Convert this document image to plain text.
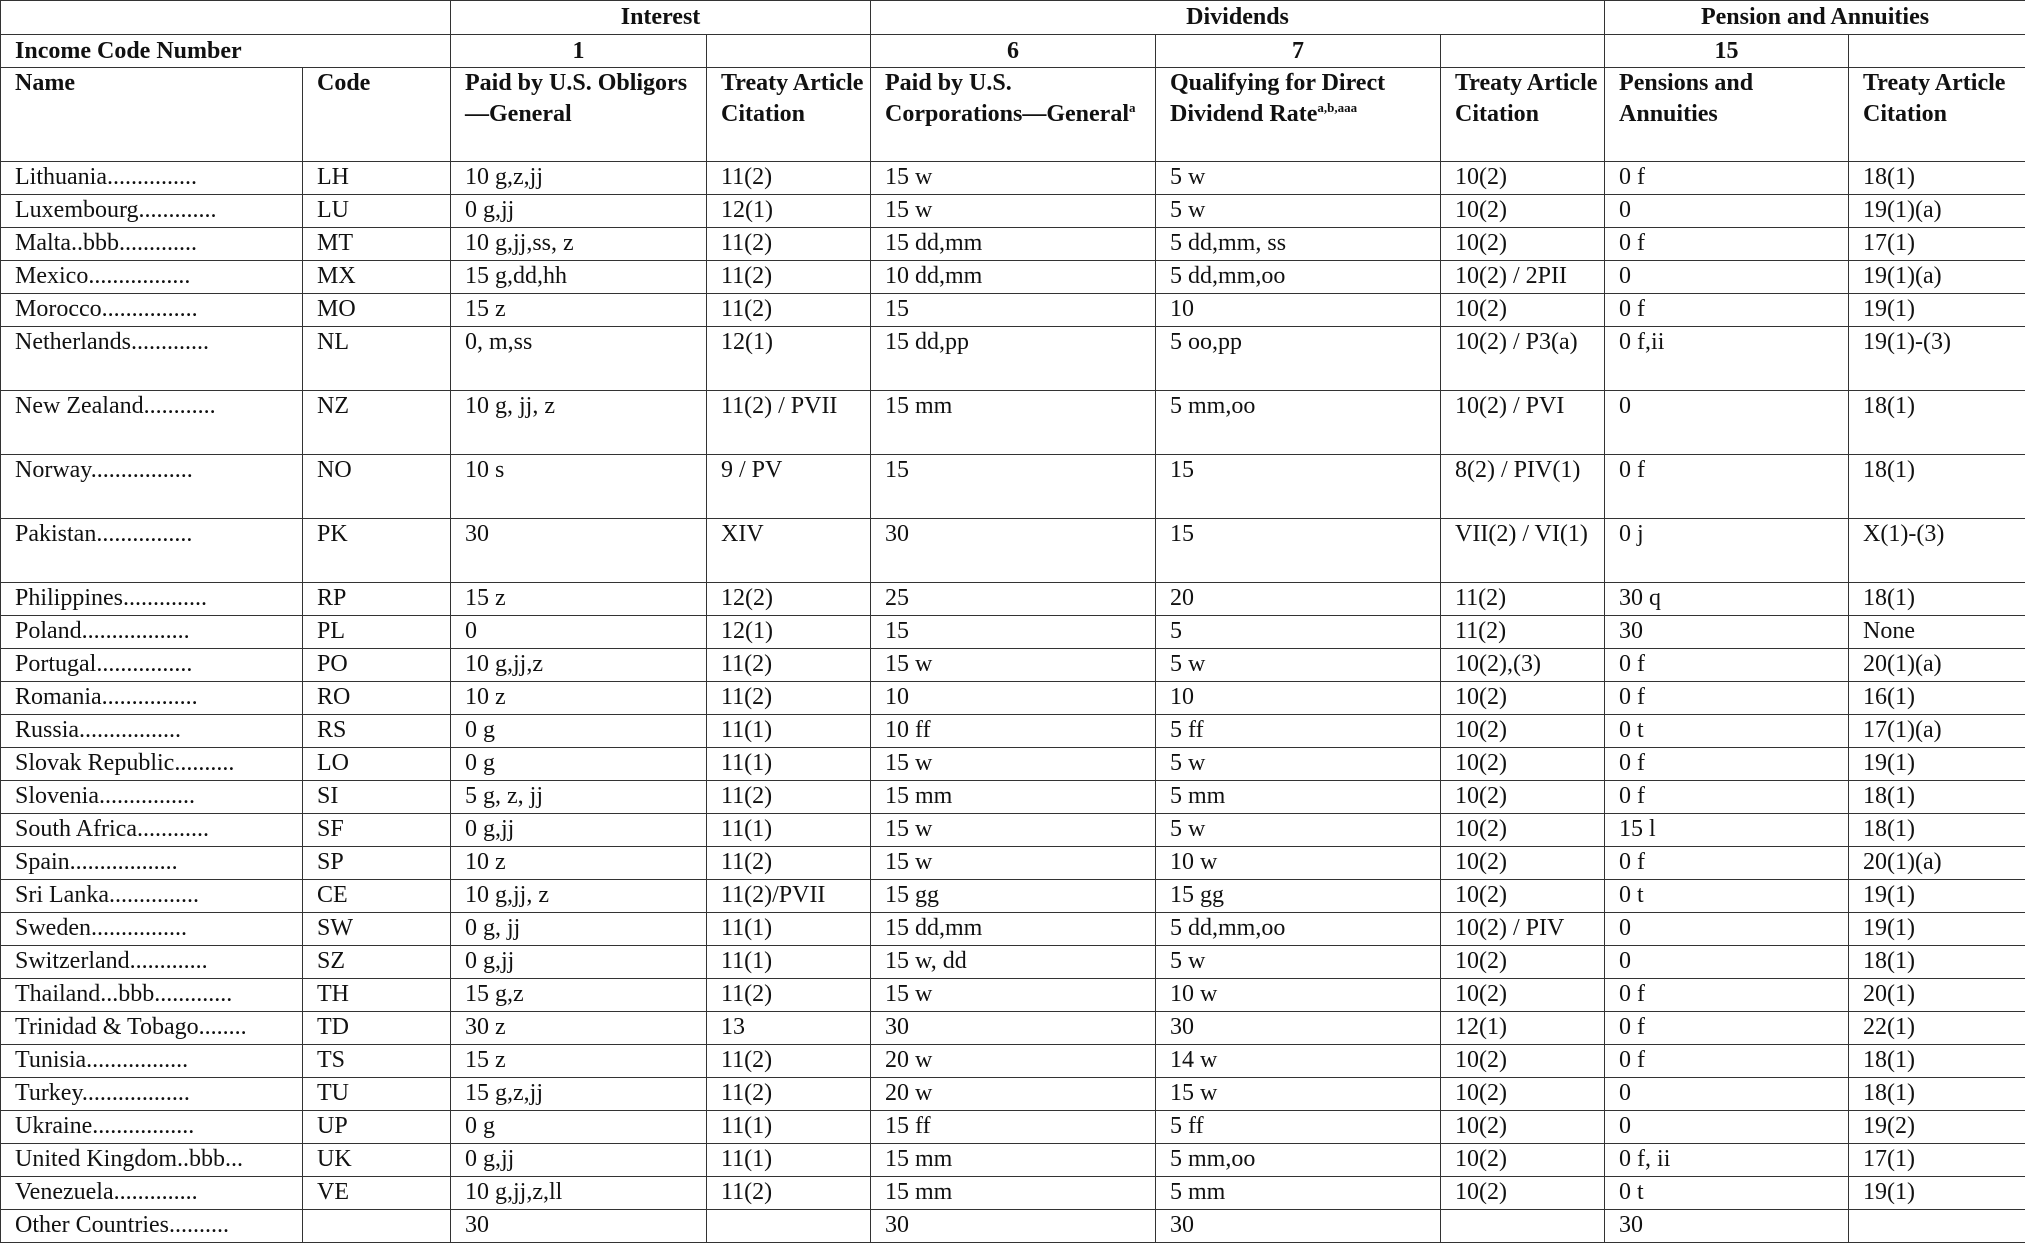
		Interest		Dividends			Pension and Annuities	
Income Code Number		1		6	7		15	
Name	Code	Paid by U.S. Obligors—General	Treaty Article Citation	Paid by U.S. Corporations—General$^a$	Qualifying for Direct Dividend Rate$^{a,b,aaa}$	Treaty Article Citation	Pensions and Annuities	Treaty Article Citation
Lithuania...............	LH	10 g,z,jj	11(2)	15 w	5 w	10(2)	0 f	18(1)
Luxembourg.............	LU	0 g,jj	12(1)	15 w	5 w	10(2)	0	19(1)(a)
Malta..bbb.............	MT	10 g,jj,ss, z	11(2)	15 dd,mm	5 dd,mm, ss	10(2)	0 f	17(1)
Mexico.................	MX	15 g,dd,hh	11(2)	10 dd,mm	5 dd,mm,oo	10(2) / 2PII	0	19(1)(a)
Morocco................	MO	15 z	11(2)	15	10	10(2)	0 f	19(1)
Netherlands.............	NL	0, m,ss	12(1)	15 dd,pp	5 oo,pp	10(2) / P3(a)	0 f,ii	19(1)-(3)
New Zealand............	NZ	10 g, jj, z	11(2) / PVII	15 mm	5 mm,oo	10(2) / PVI	0	18(1)
Norway.................	NO	10 s	9 / PV	15	15	8(2) / PIV(1)	0 f	18(1)
Pakistan................	PK	30	XIV	30	15	VII(2) / VI(1)	0 j	X(1)-(3)
Philippines..............	RP	15 z	12(2)	25	20	11(2)	30 q	18(1)
Poland..................	PL	0	12(1)	15	5	11(2)	30	None
Portugal................	PO	10 g,jj,z	11(2)	15 w	5 w	10(2),(3)	0 f	20(1)(a)
Romania................	RO	10 z	11(2)	10	10	10(2)	0 f	16(1)
Russia.................	RS	0 g	11(1)	10 ff	5 ff	10(2)	0 t	17(1)(a)
Slovak Republic..........	LO	0 g	11(1)	15 w	5 w	10(2)	0 f	19(1)
Slovenia................	SI	5 g, z, jj	11(2)	15 mm	5 mm	10(2)	0 f	18(1)
South Africa............	SF	0 g,jj	11(1)	15 w	5 w	10(2)	15 l	18(1)
Spain..................	SP	10 z	11(2)	15 w	10 w	10(2)	0 f	20(1)(a)
Sri Lanka...............	CE	10 g,jj, z	11(2)/PVII	15 gg	15 gg	10(2)	0 t	19(1)
Sweden................	SW	0 g, jj	11(1)	15 dd,mm	5 dd,mm,oo	10(2) / PIV	0	19(1)
Switzerland.............	SZ	0 g,jj	11(1)	15 w, dd	5 w	10(2)	0	18(1)
Thailand...bbb.............	TH	15 g,z	11(2)	15 w	10 w	10(2)	0 f	20(1)
Trinidad & Tobago........	TD	30 z	13	30	30	12(1)	0 f	22(1)
Tunisia.................	TS	15 z	11(2)	20 w	14 w	10(2)	0 f	18(1)
Turkey..................	TU	15 g,z,jj	11(2)	20 w	15 w	10(2)	0	18(1)
Ukraine.................	UP	0 g	11(1)	15 ff	5 ff	10(2)	0	19(2)
United Kingdom..bbb...	UK	0 g,jj	11(1)	15 mm	5 mm,oo	10(2)	0 f, ii	17(1)
Venezuela..............	VE	10 g,jj,z,ll	11(2)	15 mm	5 mm	10(2)	0 t	19(1)
Other Countries..........		30		30	30		30	
